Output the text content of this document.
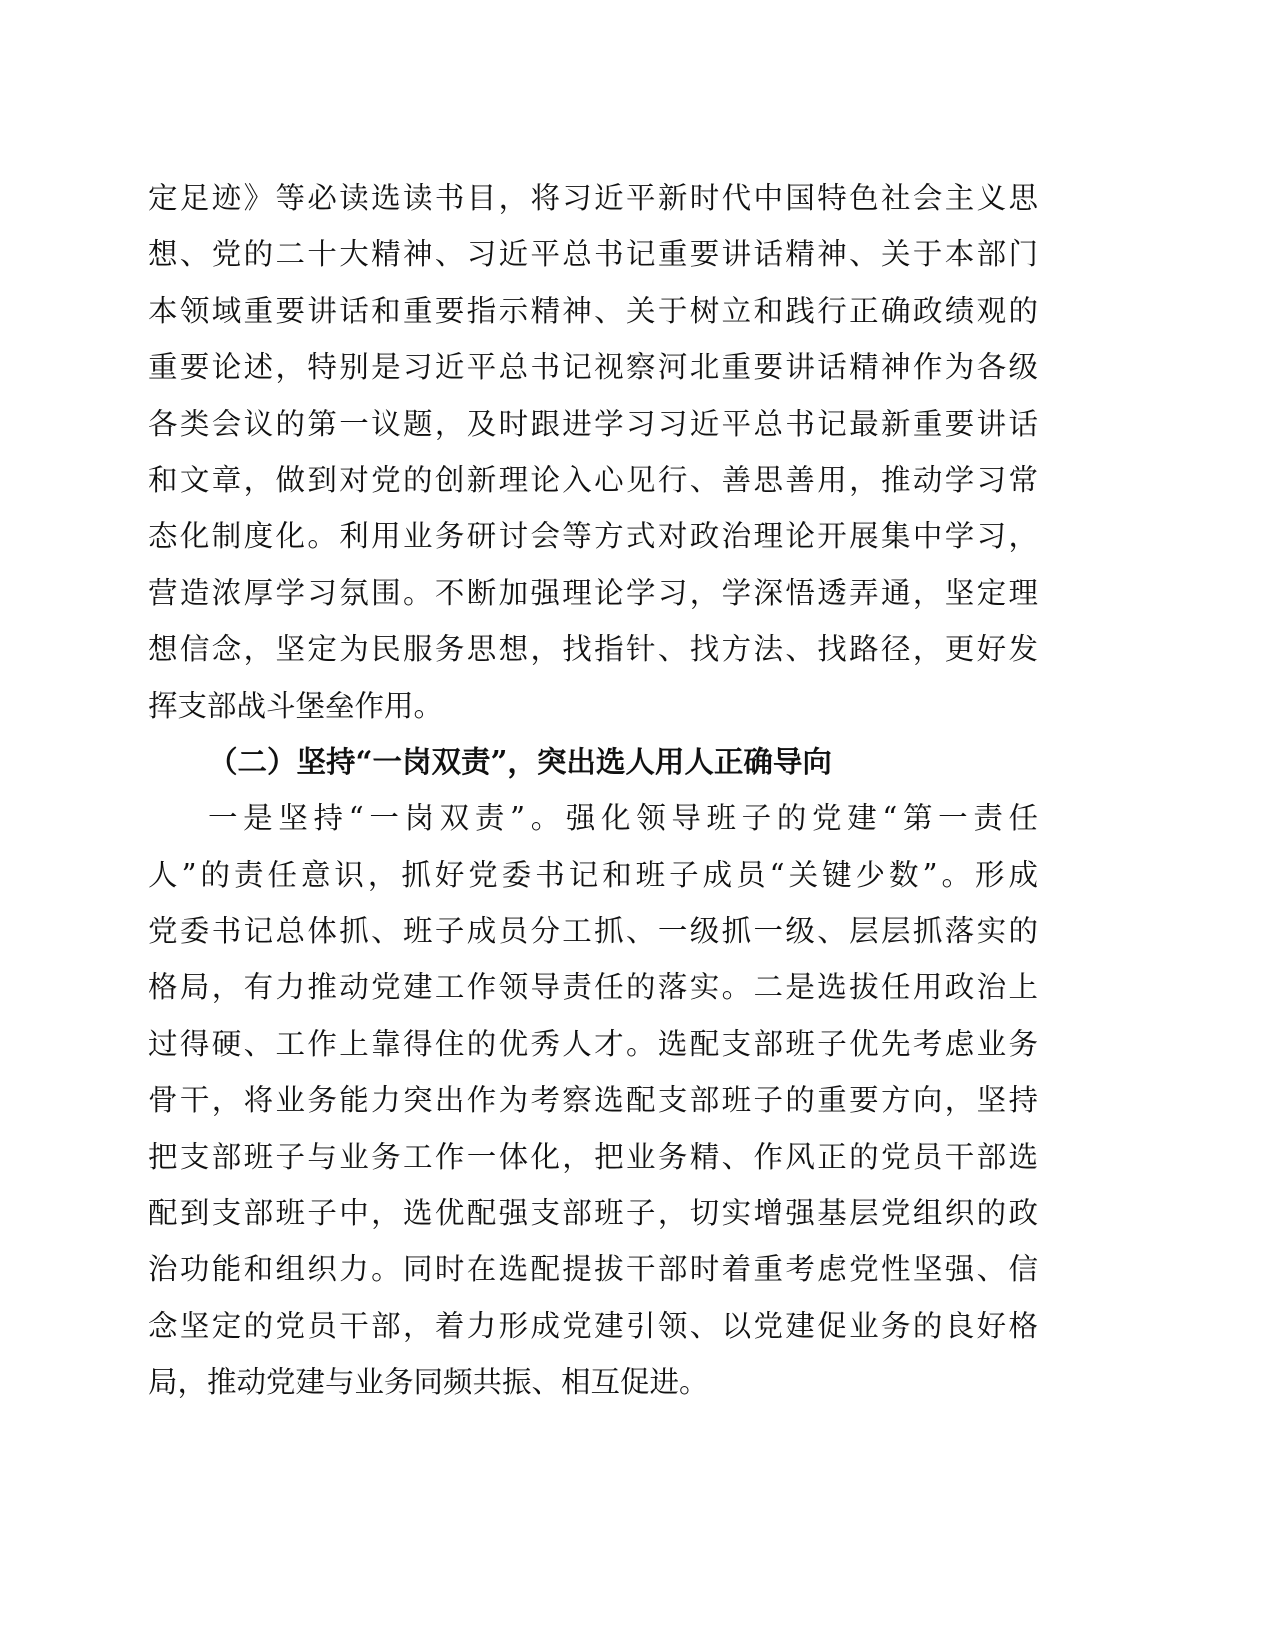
定足迹》等必读选读书目，将习近平新时代中国特色社会主义思
想、党的二十大精神、习近平总书记重要讲话精神、关于本部门
本领域重要讲话和重要指示精神、关于树立和践行正确政绩观的
重要论述，特别是习近平总书记视察河北重要讲话精神作为各级
各类会议的第一议题，及时跟进学习习近平总书记最新重要讲话
和文章，做到对党的创新理论入心见行、善思善用，推动学习常
态化制度化。利用业务研讨会等方式对政治理论开展集中学习，
营造浓厚学习氛围。不断加强理论学习，学深悟透弄通，坚定理
想信念，坚定为民服务思想，找指针、找方法、找路径，更好发
挥支部战斗堡垒作用。
（二）坚持“一岗双责”，突出选人用人正确导向
一是坚持“一岗双责”。强化领导班子的党建“第一责任
人”的责任意识，抓好党委书记和班子成员“关键少数”。形成
党委书记总体抓、班子成员分工抓、一级抓一级、层层抓落实的
格局，有力推动党建工作领导责任的落实。二是选拔任用政治上
过得硬、工作上靠得住的优秀人才。选配支部班子优先考虑业务
骨干，将业务能力突出作为考察选配支部班子的重要方向，坚持
把支部班子与业务工作一体化，把业务精、作风正的党员干部选
配到支部班子中，选优配强支部班子，切实增强基层党组织的政
治功能和组织力。同时在选配提拔干部时着重考虑党性坚强、信
念坚定的党员干部，着力形成党建引领、以党建促业务的良好格
局，推动党建与业务同频共振、相互促进。
